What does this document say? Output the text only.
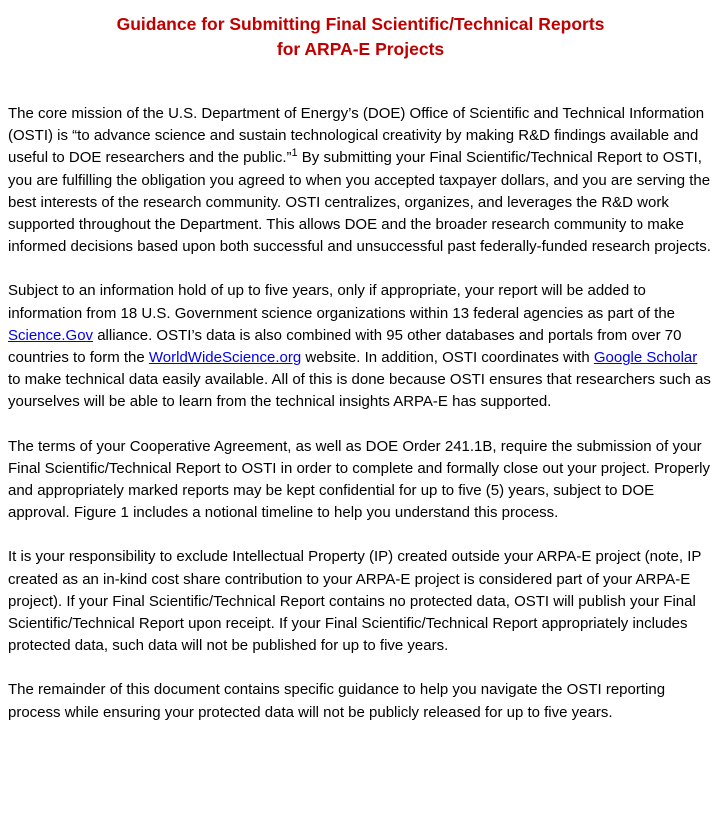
Guidance for Submitting Final Scientific/Technical Reports
for ARPA-E Projects

The core mission of the U.S. Department of Energy’s (DOE) Office of Scientific and Technical Information (OSTI) is “to advance science and sustain technological creativity by making R&D findings available and useful to DOE researchers and the public.”$^1$ By submitting your Final Scientific/Technical Report to OSTI, you are fulfilling the obligation you agreed to when you accepted taxpayer dollars, and you are serving the best interests of the research community. OSTI centralizes, organizes, and leverages the R&D work supported throughout the Department. This allows DOE and the broader research community to make informed decisions based upon both successful and unsuccessful past federally-funded research projects.

Subject to an information hold of up to five years, only if appropriate, your report will be added to information from 18 U.S. Government science organizations within 13 federal agencies as part of the Science.Gov alliance. OSTI’s data is also combined with 95 other databases and portals from over 70 countries to form the WorldWideScience.org website. In addition, OSTI coordinates with Google Scholar to make technical data easily available. All of this is done because OSTI ensures that researchers such as yourselves will be able to learn from the technical insights ARPA-E has supported.

The terms of your Cooperative Agreement, as well as DOE Order 241.1B, require the submission of your Final Scientific/Technical Report to OSTI in order to complete and formally close out your project. Properly and appropriately marked reports may be kept confidential for up to five (5) years, subject to DOE approval. Figure 1 includes a notional timeline to help you understand this process.

It is your responsibility to exclude Intellectual Property (IP) created outside your ARPA-E project (note, IP created as an in-kind cost share contribution to your ARPA-E project is considered part of your ARPA-E project). If your Final Scientific/Technical Report contains no protected data, OSTI will publish your Final Scientific/Technical Report upon receipt. If your Final Scientific/Technical Report appropriately includes protected data, such data will not be published for up to five years.

The remainder of this document contains specific guidance to help you navigate the OSTI reporting process while ensuring your protected data will not be publicly released for up to five years.
